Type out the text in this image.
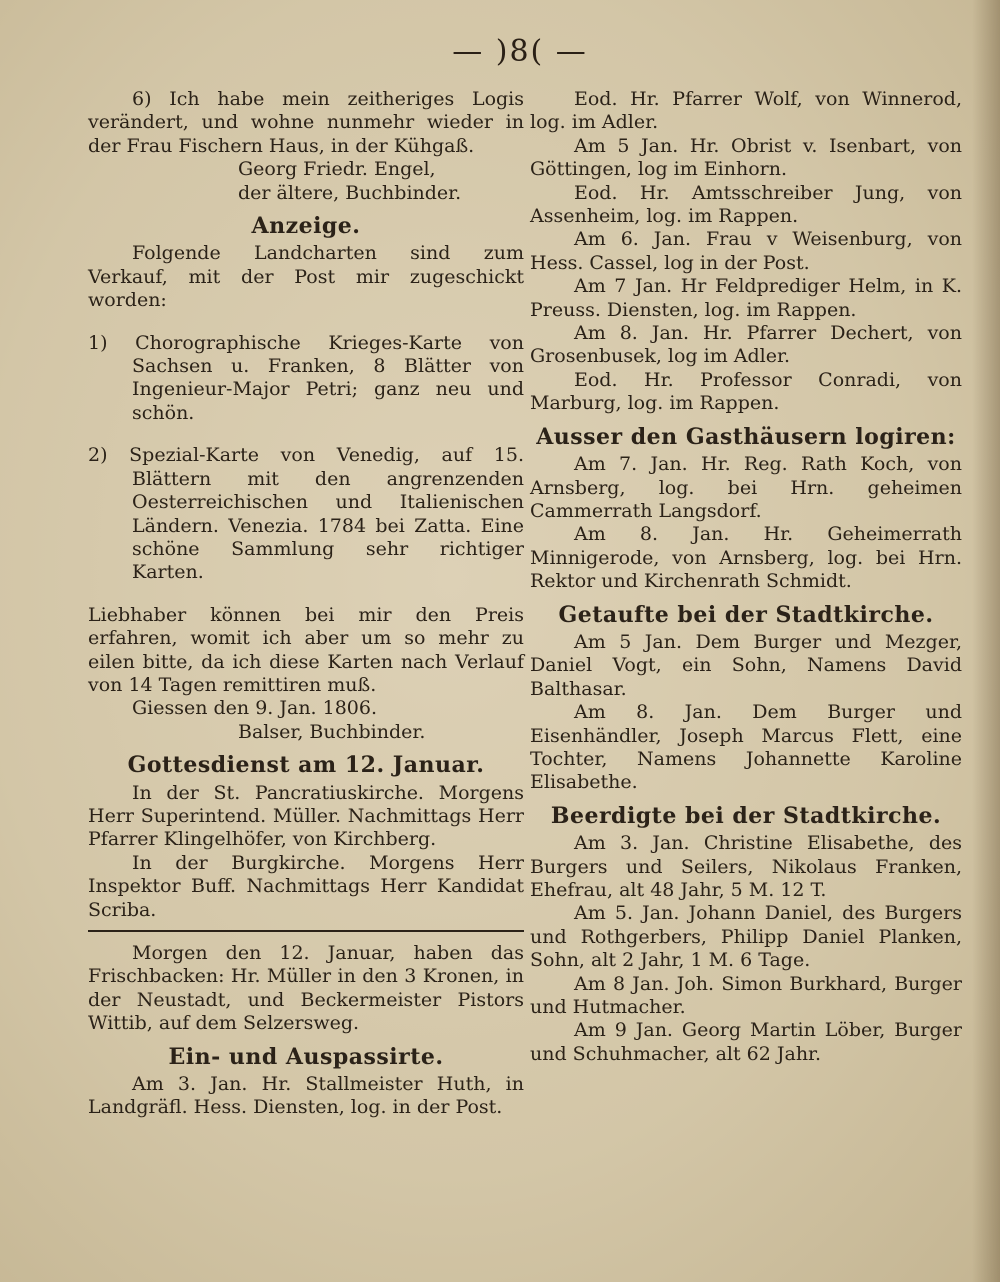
— )8( —

6) Ich habe mein zeitheriges Logis verändert, und wohne nunmehr wieder in der Frau Fischern Haus, in der Kühgaß.

Georg Friedr. Engel,

der ältere, Buchbinder.

Anzeige.

Folgende Landcharten sind zum Verkauf, mit der Post mir zugeschickt worden:

1) Chorographische Krieges-Karte von Sachsen u. Franken, 8 Blätter von Ingenieur-Major Petri; ganz neu und schön.

2) Spezial-Karte von Venedig, auf 15. Blättern mit den angrenzenden Oesterreichischen und Italienischen Ländern. Venezia. 1784 bei Zatta. Eine schöne Sammlung sehr richtiger Karten.

Liebhaber können bei mir den Preis erfahren, womit ich aber um so mehr zu eilen bitte, da ich diese Karten nach Verlauf von 14 Tagen remittiren muß.

Giessen den 9. Jan. 1806.

Balser, Buchbinder.

Gottesdienst am 12. Januar.

In der St. Pancratiuskirche. Morgens Herr Superintend. Müller. Nachmittags Herr Pfarrer Klingelhöfer, von Kirchberg.

In der Burgkirche. Morgens Herr Inspektor Buff. Nachmittags Herr Kandidat Scriba.

Morgen den 12. Januar, haben das Frischbacken: Hr. Müller in den 3 Kronen, in der Neustadt, und Beckermeister Pistors Wittib, auf dem Selzersweg.

Ein- und Auspassirte.

Am 3. Jan. Hr. Stallmeister Huth, in Landgräfl. Hess. Diensten, log. in der Post.

Eod. Hr. Pfarrer Wolf, von Winnerod, log. im Adler.

Am 5 Jan. Hr. Obrist v. Isenbart, von Göttingen, log im Einhorn.

Eod. Hr. Amtsschreiber Jung, von Assenheim, log. im Rappen.

Am 6. Jan. Frau v Weisenburg, von Hess. Cassel, log in der Post.

Am 7 Jan. Hr Feldprediger Helm, in K. Preuss. Diensten, log. im Rappen.

Am 8. Jan. Hr. Pfarrer Dechert, von Grosenbusek, log im Adler.

Eod. Hr. Professor Conradi, von Marburg, log. im Rappen.

Ausser den Gasthäusern logiren:

Am 7. Jan. Hr. Reg. Rath Koch, von Arnsberg, log. bei Hrn. geheimen Cammerrath Langsdorf.

Am 8. Jan. Hr. Geheimerrath Minnigerode, von Arnsberg, log. bei Hrn. Rektor und Kirchenrath Schmidt.

Getaufte bei der Stadtkirche.

Am 5 Jan. Dem Burger und Mezger, Daniel Vogt, ein Sohn, Namens David Balthasar.

Am 8. Jan. Dem Burger und Eisenhändler, Joseph Marcus Flett, eine Tochter, Namens Johannette Karoline Elisabethe.

Beerdigte bei der Stadtkirche.

Am 3. Jan. Christine Elisabethe, des Burgers und Seilers, Nikolaus Franken, Ehefrau, alt 48 Jahr, 5 M. 12 T.

Am 5. Jan. Johann Daniel, des Burgers und Rothgerbers, Philipp Daniel Planken, Sohn, alt 2 Jahr, 1 M. 6 Tage.

Am 8 Jan. Joh. Simon Burkhard, Burger und Hutmacher.

Am 9 Jan. Georg Martin Löber, Burger und Schuhmacher, alt 62 Jahr.
